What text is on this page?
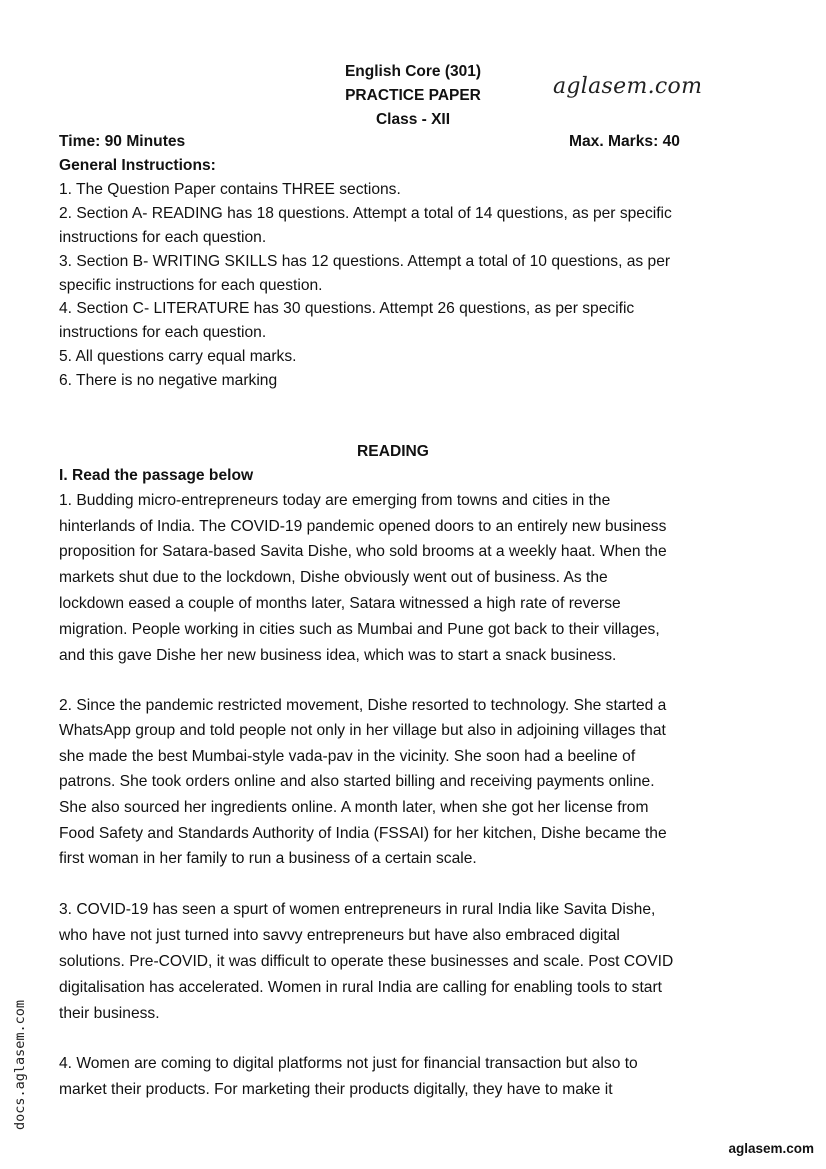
English Core (301)
PRACTICE PAPER
Class - XII
aglasem.com
Time: 90 Minutes	Max. Marks: 40
General Instructions:
1. The Question Paper contains THREE sections.
2. Section A- READING has 18 questions. Attempt a total of 14 questions, as per specific
instructions for each question.
3. Section B- WRITING SKILLS has 12 questions. Attempt a total of 10 questions, as per
specific instructions for each question.
4. Section C- LITERATURE has 30 questions. Attempt 26 questions, as per specific
instructions for each question.
5. All questions carry equal marks.
6. There is no negative marking
READING
I. Read the passage below
1. Budding micro-entrepreneurs today are emerging from towns and cities in the
hinterlands of India. The COVID-19 pandemic opened doors to an entirely new business
proposition for Satara-based Savita Dishe, who sold brooms at a weekly haat. When the
markets shut due to the lockdown, Dishe obviously went out of business. As the
lockdown eased a couple of months later, Satara witnessed a high rate of reverse
migration. People working in cities such as Mumbai and Pune got back to their villages,
and this gave Dishe her new business idea, which was to start a snack business.
2. Since the pandemic restricted movement, Dishe resorted to technology. She started a
WhatsApp group and told people not only in her village but also in adjoining villages that
she made the best Mumbai-style vada-pav in the vicinity. She soon had a beeline of
patrons. She took orders online and also started billing and receiving payments online.
She also sourced her ingredients online. A month later, when she got her license from
Food Safety and Standards Authority of India (FSSAI) for her kitchen, Dishe became the
first woman in her family to run a business of a certain scale.
3. COVID-19 has seen a spurt of women entrepreneurs in rural India like Savita Dishe,
who have not just turned into savvy entrepreneurs but have also embraced digital
solutions. Pre-COVID, it was difficult to operate these businesses and scale. Post COVID
digitalisation has accelerated. Women in rural India are calling for enabling tools to start
their business.
4. Women are coming to digital platforms not just for financial transaction but also to
market their products. For marketing their products digitally, they have to make it
docs.aglasem.com
aglasem.com
